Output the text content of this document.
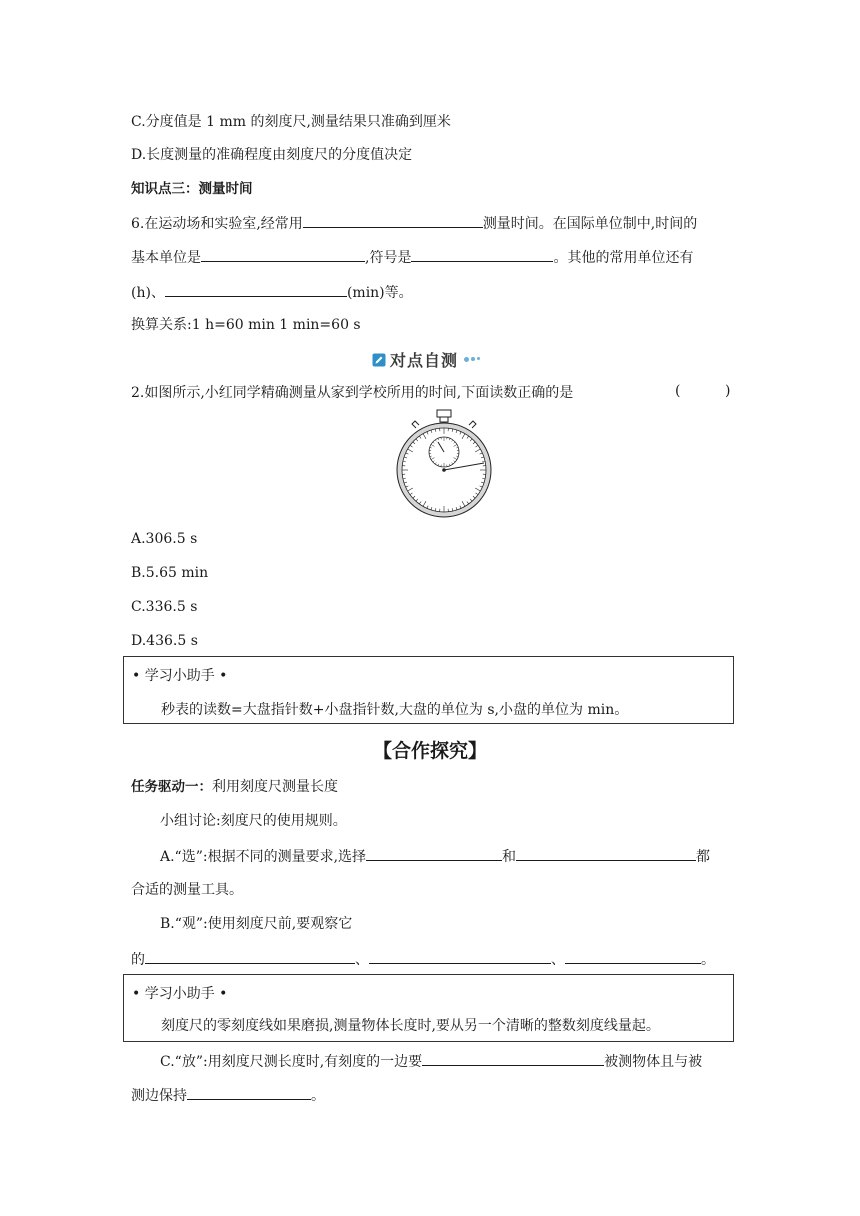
C.分度值是 1 mm 的刻度尺,测量结果只准确到厘米
D.长度测量的准确程度由刻度尺的分度值决定
知识点三：测量时间
6.在运动场和实验室,经常用	测量时间。在国际单位制中,时间的
基本单位是	,符号是	。其他的常用单位还有
(h)、	(min)等。
换算关系:1 h=60 min 1 min=60 s
对点自测
2.如图所示,小红同学精确测量从家到学校所用的时间,下面读数正确的是	(	)
A.306.5 s
B.5.65 min
C.336.5 s
D.436.5 s
• 学习小助手 •
秒表的读数=大盘指针数+小盘指针数,大盘的单位为 s,小盘的单位为 min。
【合作探究】
任务驱动一：利用刻度尺测量长度
小组讨论:刻度尺的使用规则。
A.“选”:根据不同的测量要求,选择	和	都
合适的测量工具。
B.“观”:使用刻度尺前,要观察它
的	、	、	。
• 学习小助手 •
刻度尺的零刻度线如果磨损,测量物体长度时,要从另一个清晰的整数刻度线量起。
C.“放”:用刻度尺测长度时,有刻度的一边要	被测物体且与被
测边保持	。
